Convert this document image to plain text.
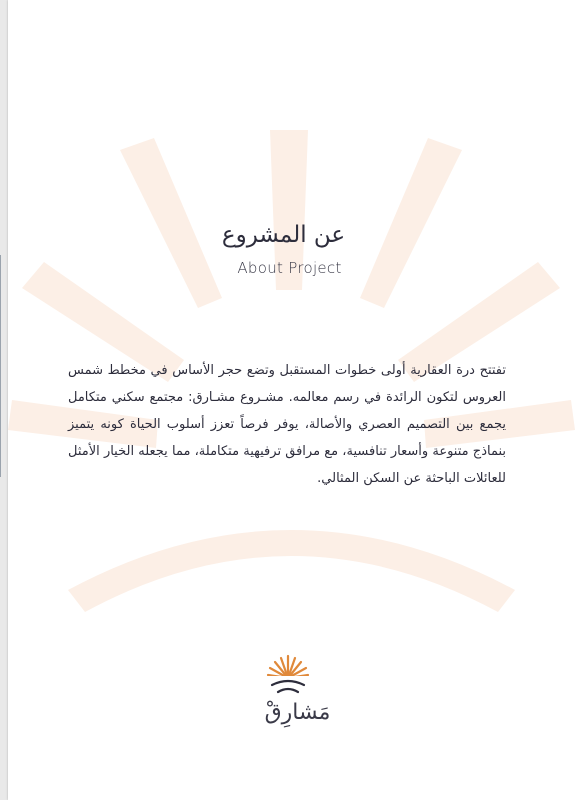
عن المشروع
About Project

تفتتح درة العقارية أولى خطوات المستقبل وتضع حجر الأساس في مخطط شمس العروس لتكون الرائدة في رسم معالمه. مشـروع مشـارق: مجتمع سكني متكامل يجمع بين التصميم العصري والأصالة، يوفر فرصاً تعزز أسلوب الحياة كونه يتميز بنماذج متنوعة وأسعار تنافسية، مع مرافق ترفيهية متكاملة، مما يجعله الخيار الأمثل للعائلات الباحثة عن السكن المثالي.

مَشارِقْ
